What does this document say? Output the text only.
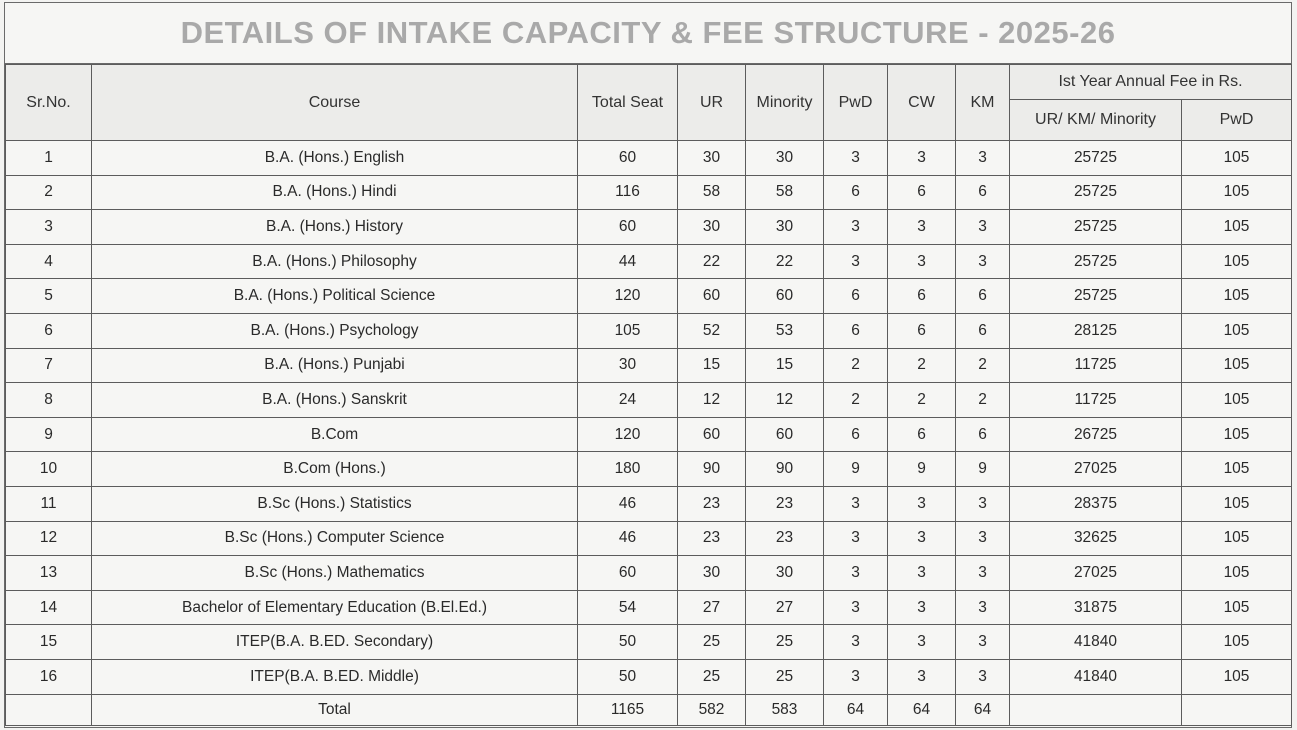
DETAILS OF INTAKE CAPACITY & FEE STRUCTURE - 2025-26
Sr.No.	Course	Total Seat	UR	Minority	PwD	CW	KM	Ist Year Annual Fee in Rs.	
								UR/ KM/ Minority	PwD
1	B.A. (Hons.) English	60	30	30	3	3	3	25725	105
2	B.A. (Hons.) Hindi	116	58	58	6	6	6	25725	105
3	B.A. (Hons.) History	60	30	30	3	3	3	25725	105
4	B.A. (Hons.) Philosophy	44	22	22	3	3	3	25725	105
5	B.A. (Hons.) Political Science	120	60	60	6	6	6	25725	105
6	B.A. (Hons.) Psychology	105	52	53	6	6	6	28125	105
7	B.A. (Hons.) Punjabi	30	15	15	2	2	2	11725	105
8	B.A. (Hons.) Sanskrit	24	12	12	2	2	2	11725	105
9	B.Com	120	60	60	6	6	6	26725	105
10	B.Com (Hons.)	180	90	90	9	9	9	27025	105
11	B.Sc (Hons.) Statistics	46	23	23	3	3	3	28375	105
12	B.Sc (Hons.) Computer Science	46	23	23	3	3	3	32625	105
13	B.Sc (Hons.) Mathematics	60	30	30	3	3	3	27025	105
14	Bachelor of Elementary Education (B.El.Ed.)	54	27	27	3	3	3	31875	105
15	ITEP(B.A. B.ED. Secondary)	50	25	25	3	3	3	41840	105
16	ITEP(B.A. B.ED. Middle)	50	25	25	3	3	3	41840	105
	Total	1165	582	583	64	64	64		
